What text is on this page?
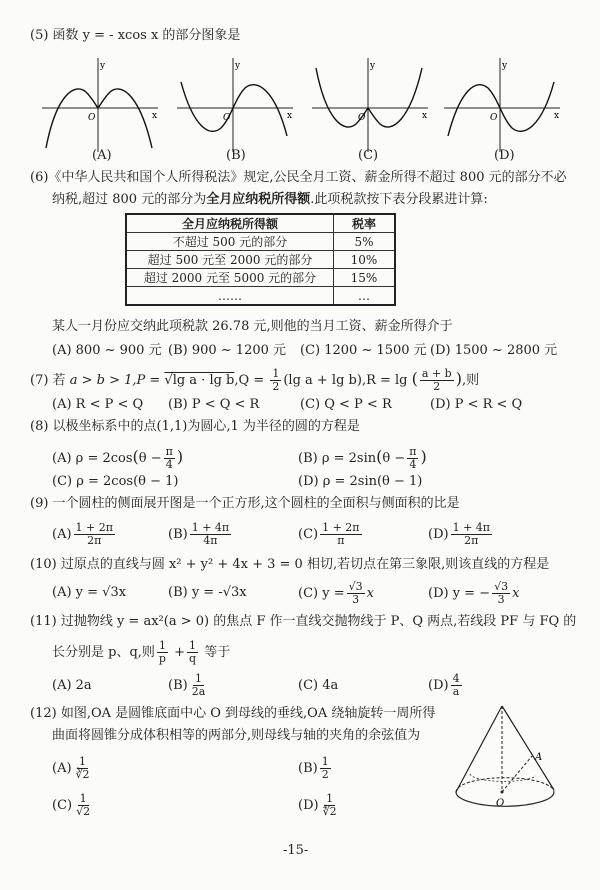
(5) 函数 y = - xcos x 的部分图象是
y
x
O
y
x
O
y
x
O
y
x
O
(A)	(B)	(C)	(D)
(6)《中华人民共和国个人所得税法》规定,公民全月工资、薪金所得不超过 800 元的部分不必
纳税,超过 800 元的部分为全月应纳税所得额.此项税款按下表分段累进计算:
全月应纳税所得额	税率
不超过 500 元的部分	5%
超过 500 元至 2000 元的部分	10%
超过 2000 元至 5000 元的部分	15%
……	…
某人一月份应交纳此项税款 26.78 元,则他的当月工资、薪金所得介于
(A) 800 ~ 900 元 (B) 900 ~ 1200 元 (C) 1200 ~ 1500 元 (D) 1500 ~ 2800 元
(7) 若 a > b > 1,P = √lg $a \cdot \lg b,Q = \frac{1}{2} (\lg$ a + lg b),R = lg ( $\frac{a + b}{2}$ ),则
(A) R < P < Q (B) P < Q < R	(C) Q < P < R	(D) P < R < Q
(8) 以极坐标系中的点(1,1)为圆心,1 为半径的圆的方程是
(A) $\rho = 2\cos(\theta - \frac{\pi}{4}$ )	(B) $\rho = 2\sin(\theta - \frac{\pi}{4}$ )
(C) ρ = 2cos(θ − 1)	(D) ρ = 2sin(θ − 1)
(9) 一个圆柱的侧面展开图是一个正方形,这个圆柱的全面积与侧面积的比是
$(A) \frac{1 + 2\pi}{2\pi}$	$(B) \frac{1 + 4\pi}{4\pi}$	$(C) \frac{1 + 2\pi}{\pi}$	$(D) \frac{1 + 4\pi}{2\pi}$
(10) 过原点的直线与圆 x² + y² + 4x + 3 = 0 相切,若切点在第三象限,则该直线的方程是
(A) y = √3x	(B) y = -√3x	(C) $y = \frac{√3}{3}$ x	(D) y = − $\frac{√3}{3}$ x
(11) 过抛物线 y = ax²(a > 0) 的焦点 F 作一直线交抛物线于 P、Q 两点,若线段 PF 与 FQ 的
长分别是 p、q,则 $\frac{1}{p} + \frac{1}{q}$ 等于
(A) 2a	$(B) \frac{1}{2a}$	(C) 4a	$(D) \frac{4}{a}$
(12) 如图,OA 是圆锥底面中心 O 到母线的垂线,OA 绕轴旋转一周所得
曲面将圆锥分成体积相等的两部分,则母线与轴的夹角的余弦值为
$(A) \frac{1}{∛2}$	$(B) \frac{1}{2}$
$(C) \frac{1}{√2}$	$(D) \frac{1}{∜2}$	O
A
-15-
